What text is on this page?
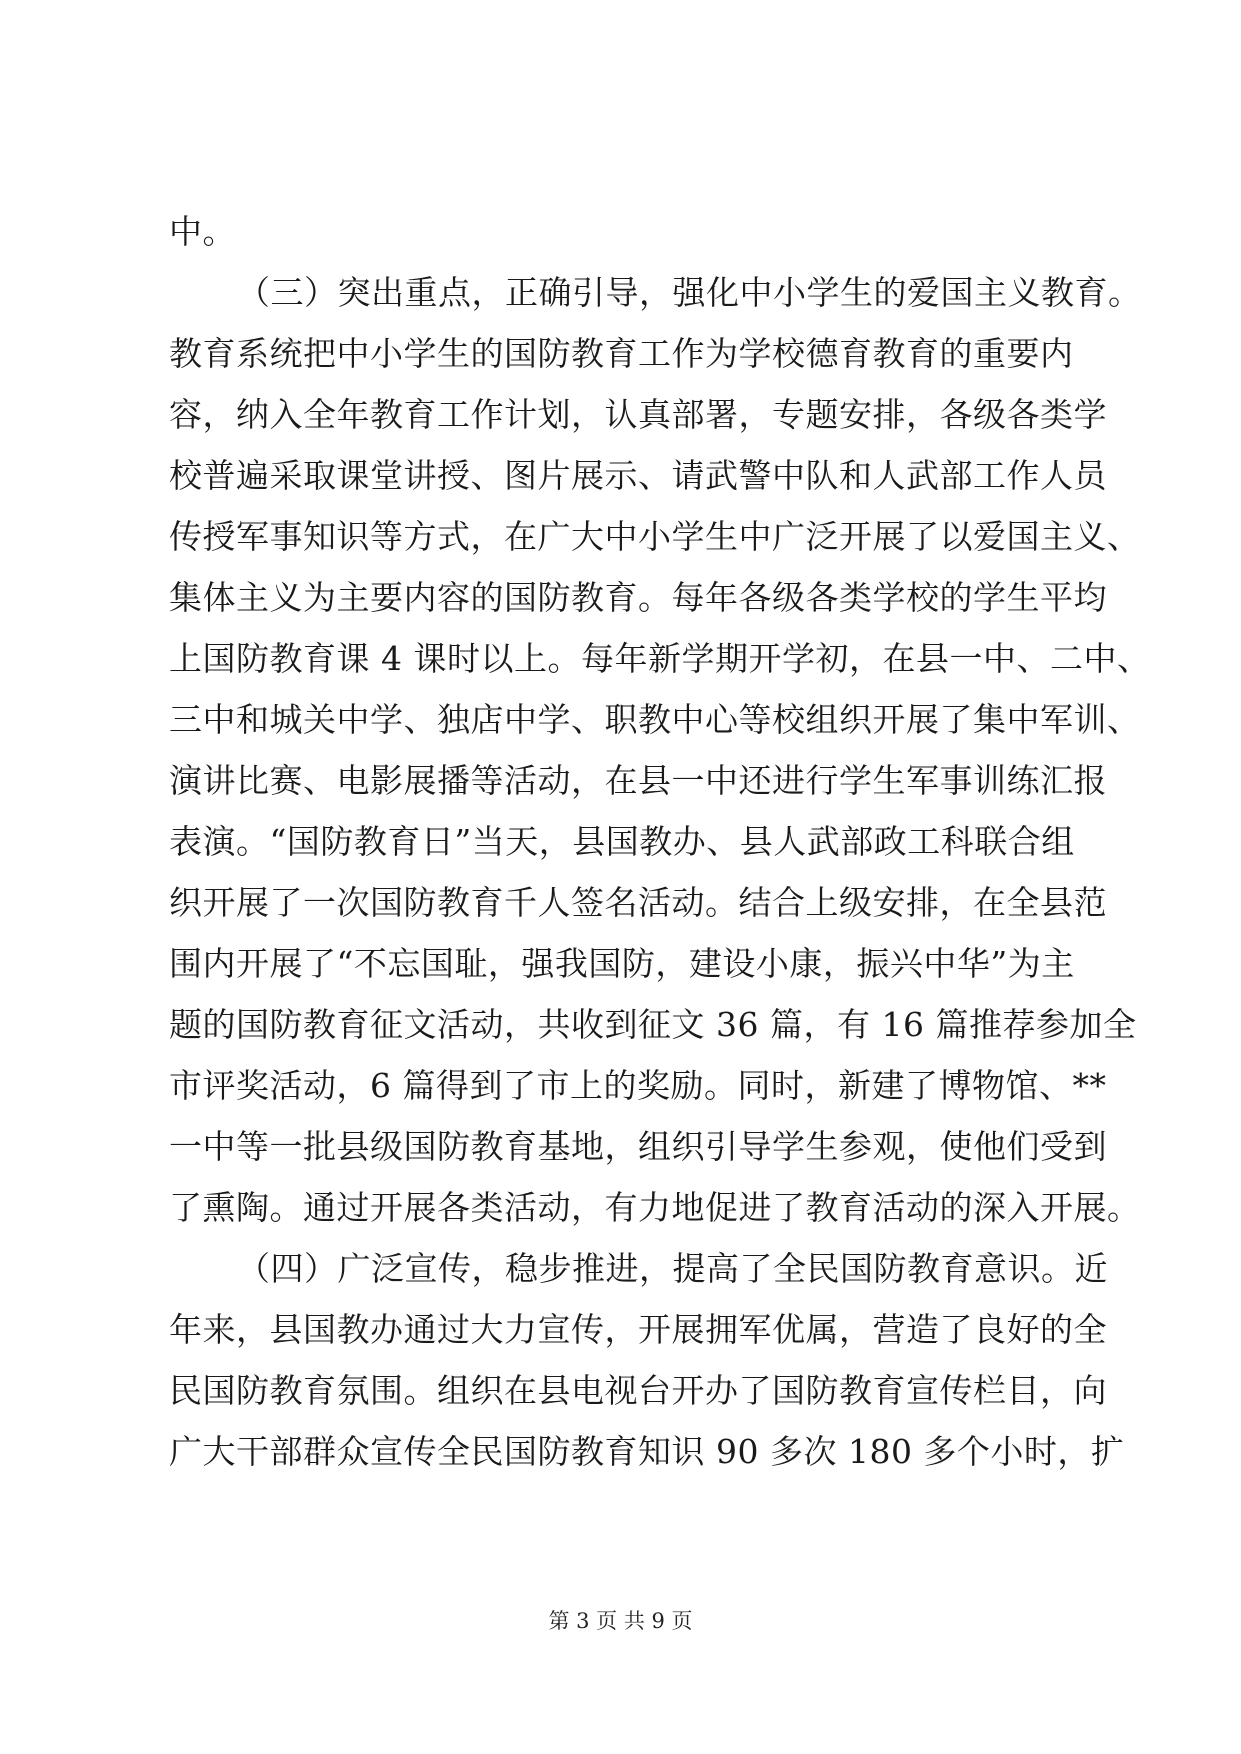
中。
（三）突出重点，正确引导，强化中小学生的爱国主义教育。
教育系统把中小学生的国防教育工作为学校德育教育的重要内
容，纳入全年教育工作计划，认真部署，专题安排，各级各类学
校普遍采取课堂讲授、图片展示、请武警中队和人武部工作人员
传授军事知识等方式，在广大中小学生中广泛开展了以爱国主义、
集体主义为主要内容的国防教育。每年各级各类学校的学生平均
上国防教育课 4 课时以上。每年新学期开学初，在县一中、二中、
三中和城关中学、独店中学、职教中心等校组织开展了集中军训、
演讲比赛、电影展播等活动，在县一中还进行学生军事训练汇报
表演。“国防教育日”当天，县国教办、县人武部政工科联合组
织开展了一次国防教育千人签名活动。结合上级安排，在全县范
围内开展了“不忘国耻，强我国防，建设小康，振兴中华”为主
题的国防教育征文活动，共收到征文 36 篇，有 16 篇推荐参加全
市评奖活动，6 篇得到了市上的奖励。同时，新建了博物馆、**
一中等一批县级国防教育基地，组织引导学生参观，使他们受到
了熏陶。通过开展各类活动，有力地促进了教育活动的深入开展。
（四）广泛宣传，稳步推进，提高了全民国防教育意识。近
年来，县国教办通过大力宣传，开展拥军优属，营造了良好的全
民国防教育氛围。组织在县电视台开办了国防教育宣传栏目，向
广大干部群众宣传全民国防教育知识 90 多次 180 多个小时，扩
第 3 页 共 9 页
